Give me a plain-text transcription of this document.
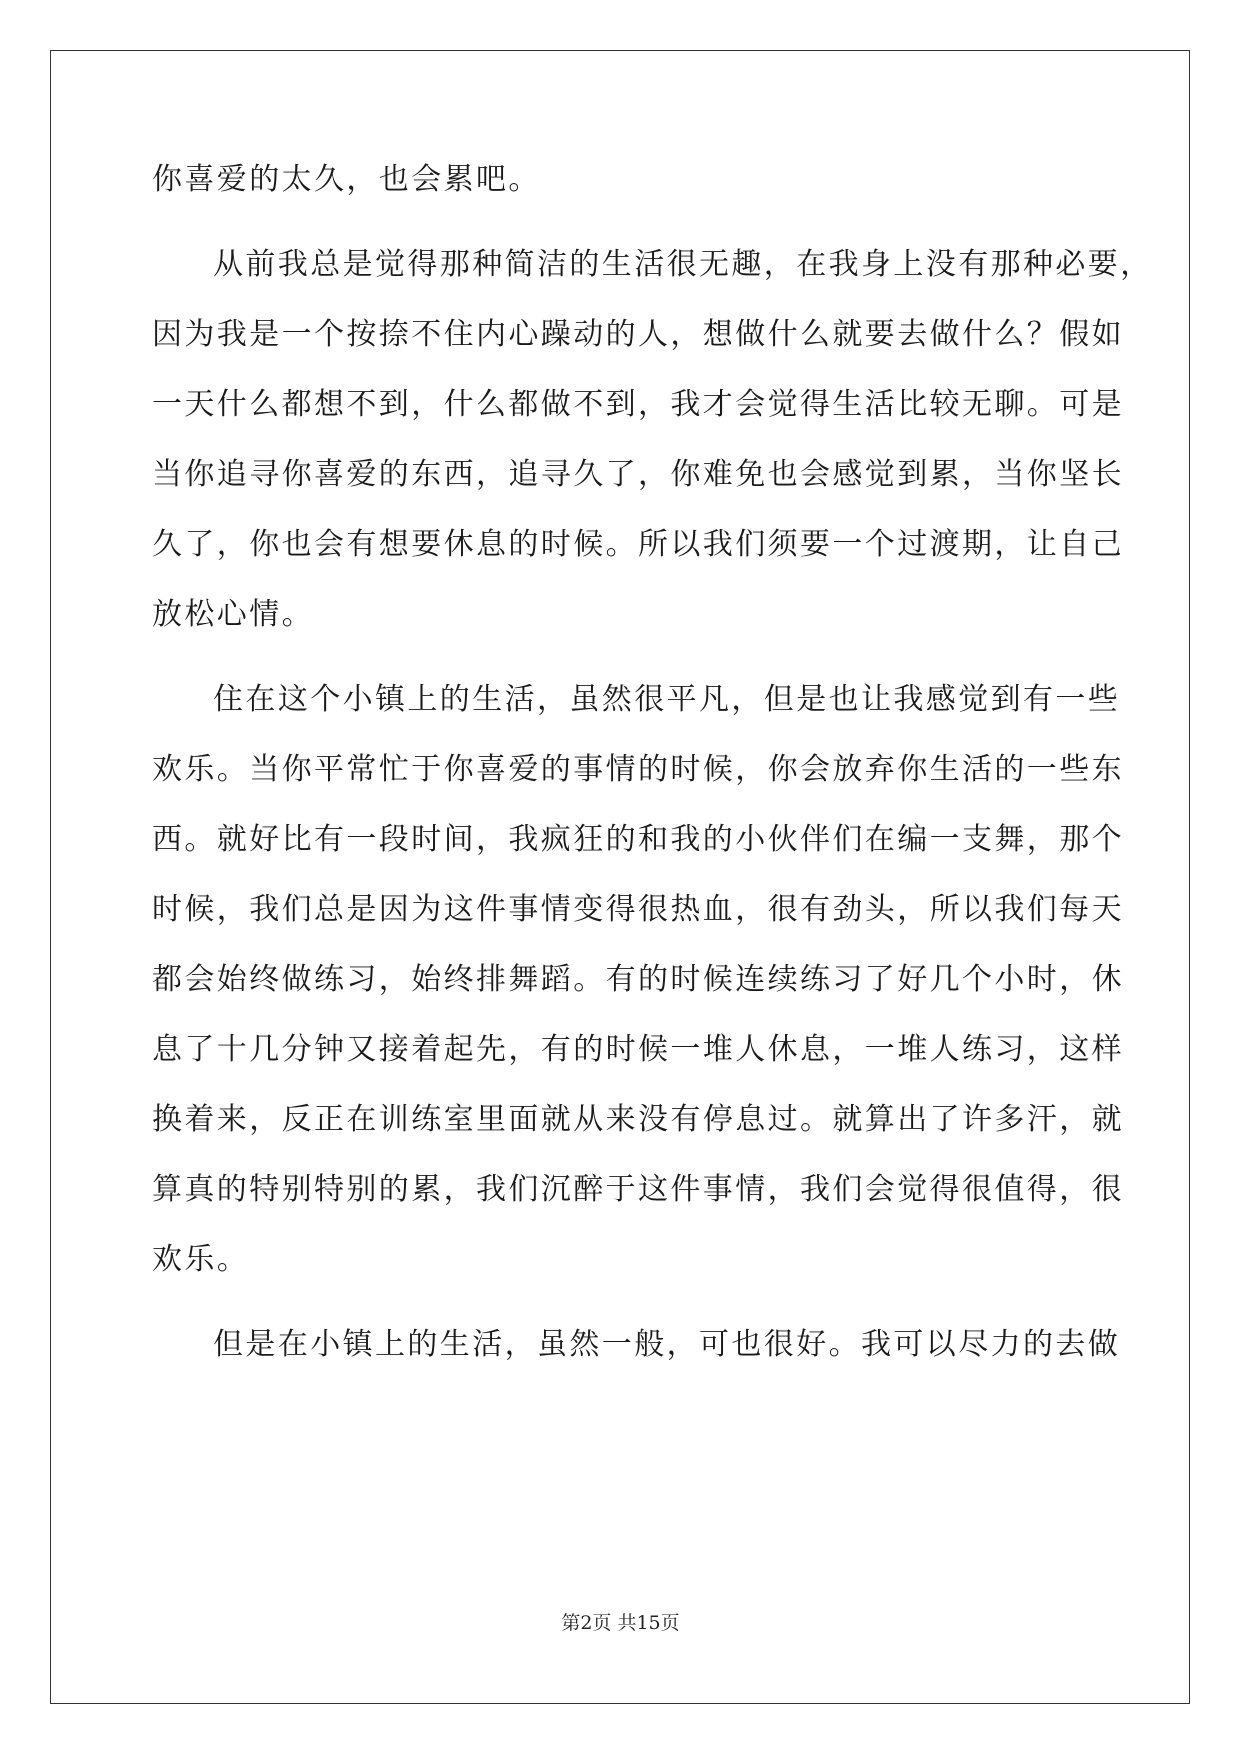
你喜爱的太久，也会累吧。
从前我总是觉得那种简洁的生活很无趣，在我身上没有那种必要，
因为我是一个按捺不住内心躁动的人，想做什么就要去做什么？假如
一天什么都想不到，什么都做不到，我才会觉得生活比较无聊。可是
当你追寻你喜爱的东西，追寻久了，你难免也会感觉到累，当你坚长
久了，你也会有想要休息的时候。所以我们须要一个过渡期，让自己
放松心情。
住在这个小镇上的生活，虽然很平凡，但是也让我感觉到有一些
欢乐。当你平常忙于你喜爱的事情的时候，你会放弃你生活的一些东
西。就好比有一段时间，我疯狂的和我的小伙伴们在编一支舞，那个
时候，我们总是因为这件事情变得很热血，很有劲头，所以我们每天
都会始终做练习，始终排舞蹈。有的时候连续练习了好几个小时，休
息了十几分钟又接着起先，有的时候一堆人休息，一堆人练习，这样
换着来，反正在训练室里面就从来没有停息过。就算出了许多汗，就
算真的特别特别的累，我们沉醉于这件事情，我们会觉得很值得，很
欢乐。
但是在小镇上的生活，虽然一般，可也很好。我可以尽力的去做
第2页 共15页
